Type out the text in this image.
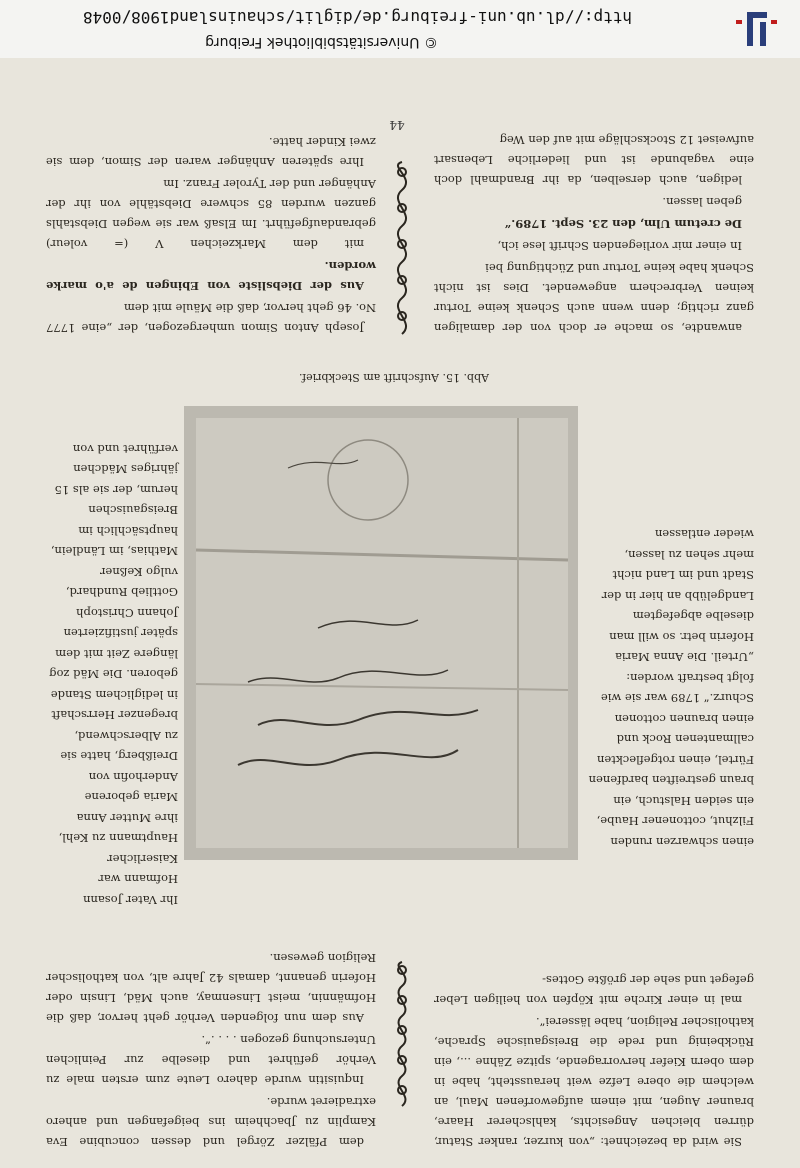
http://dl.ub.uni-freiburg.de/diglit/schauinsland1908/0048
© Universitätsbibliothek Freiburg
44

dem Pfälzer Zörgel und dessen concubine Eva Kamplin zu Jbachheim ins beigefangen und anhero extradieret wurde.

Inquisitin wurde dahero Leute zum ersten male zu Verhör geführet und dieselbe zur Peinlichen Untersuchung gezogen . . . .“.

Aus dem nun folgenden Verhör geht hervor, daß die Hofmännin, meist Linsenmay, auch Mäd, Linsin oder Hoferin genannt, damals 42 Jahre alt, von katholischer Religion gewesen.

Sie wird da bezeichnet: „von kurzer, ranker Statur, dürren bleichen Angesichts, kahlscherer Haare, brauner Augen, mit einem aufgeworfenen Maul, an welchem die obere Lefze weit heraussteht, habe in dem obern Kiefer hervorragende, spitze Zähne ..., ein Rückbeinig und rede die Breisgauische Sprache, katholischer Religion, habe lässerei“.

mal in einer Kirche mit Köpfen von heiligen Leber gefeget und sehe der größte Gottes-

Ihr Vater Josann Hofmann war Kaiserlicher Hauptmann zu Kehl, ihre Mutter Anna Maria geborene Anderhofin von Dreißberg, hatte sie zu Alberschwend, bregenzer Herrschaft in lediglichem Stande geboren. Die Mäd zog längere Zeit mit dem später justifizierten Johann Christoph Gottlieb Rundhard, vulgo Keßner Mathias, im Ländlein, hauptsächlich im Breisgauischen herum, der sie als 15 jähriges Mädchen verführet und von
einen schwarzen runden Filzhut, cottonener Haube, ein seiden Halstuch, ein braun gestreiften bardfenen Fürtel, einen rotgefleckten callmantenen Rock und einen braunen cottonen Schurz.“ 1789 war sie wie folgt bestraft worden: „Urteil. Die Anna Maria Hoferin betr. so will man dieselbe abgefegtem Landgelübb an hier in der Stadt und im Land nicht mehr sehen zu lassen, wieder entlassen
Abb. 15. Aufschrift am Steckbrief.

Joseph Anton Simon umhergezogen, der „eine 1777 No. 46 geht hervor, daß die Mäule mit dem

Aus der Diebsliste von Ebingen de a'o marke worden.

mit dem Markzeichen V (= voleur) gebrandaufgeführt. Im Elsaß war sie wegen Diebstahls ganzen wurden 85 schwere Diebstähle von ihr der Anhänger und der Tyroler Franz. Im

Ihre späteren Anhänger waren der Simon, dem sie zwei Kinder hatte.

anwandte, so mache er doch von der damaligen ganz richtig; denn wenn auch Schenk keine Tortur keinen Verbrechern angewendet. Dies ist nicht Schenk habe keine Tortur und Züchtigung bei

In einer mir vorliegenden Schrift lese ich,

De cretum Ulm, den 23. Sept. 1789.“

geben lassen.

ledigen, auch derselben, da ihr Brandmahl doch eine vagabunde ist und liederliche Lebensart aufweiset 12 Stockschläge mit auf den Weg
